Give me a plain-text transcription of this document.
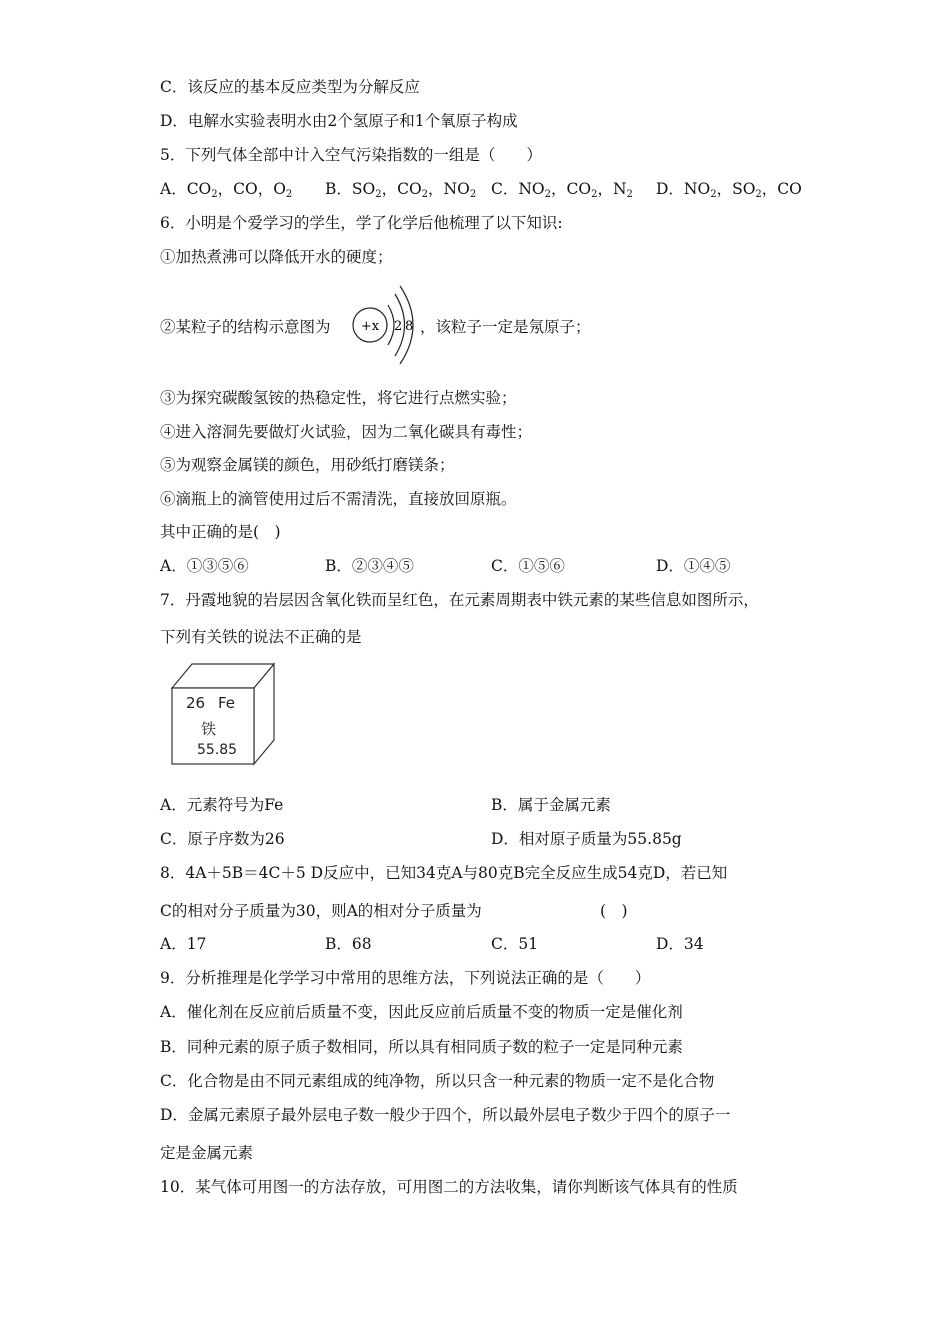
C．该反应的基本反应类型为分解反应
D．电解水实验表明水由2个氢原子和1个氧原子构成
5．下列气体全部中计入空气污染指数的一组是（　　）
A．$CO_2$，CO，$O_2$ B．$SO_2$，$CO_2$，$NO_2$ C．$NO_2$，$CO_2$，$N_2$ D．$NO_2$，$SO_2$，CO
6．小明是个爱学习的学生，学了化学后他梳理了以下知识:
①加热煮沸可以降低开水的硬度；
②某粒子的结构示意图为 +x 2 8 ，该粒子一定是氖原子；
③为探究碳酸氢铵的热稳定性，将它进行点燃实验；
④进入溶洞先要做灯火试验，因为二氧化碳具有毒性；
⑤为观察金属镁的颜色，用砂纸打磨镁条；
⑥滴瓶上的滴管使用过后不需清洗，直接放回原瓶。
其中正确的是(　)
A．①③⑤⑥	B．②③④⑤	C．①⑤⑥	D．①④⑤
7．丹霞地貌的岩层因含氧化铁而呈红色，在元素周期表中铁元素的某些信息如图所示，
下列有关铁的说法不正确的是
26 Fe
铁
55.85
A．元素符号为Fe	B．属于金属元素
C．原子序数为26	D．相对原子质量为55.85g
8．4A＋5B＝4C＋5 D反应中，已知34克A与80克B完全反应生成54克D，若已知
C的相对分子质量为30，则A的相对分子质量为	(　)
A．17	B．68	C．51	D．34
9．分析推理是化学学习中常用的思维方法，下列说法正确的是（　　）
A．催化剂在反应前后质量不变，因此反应前后质量不变的物质一定是催化剂
B．同种元素的原子质子数相同，所以具有相同质子数的粒子一定是同种元素
C．化合物是由不同元素组成的纯净物，所以只含一种元素的物质一定不是化合物
D．金属元素原子最外层电子数一般少于四个，所以最外层电子数少于四个的原子一
定是金属元素
10．某气体可用图一的方法存放，可用图二的方法收集，请你判断该气体具有的性质
